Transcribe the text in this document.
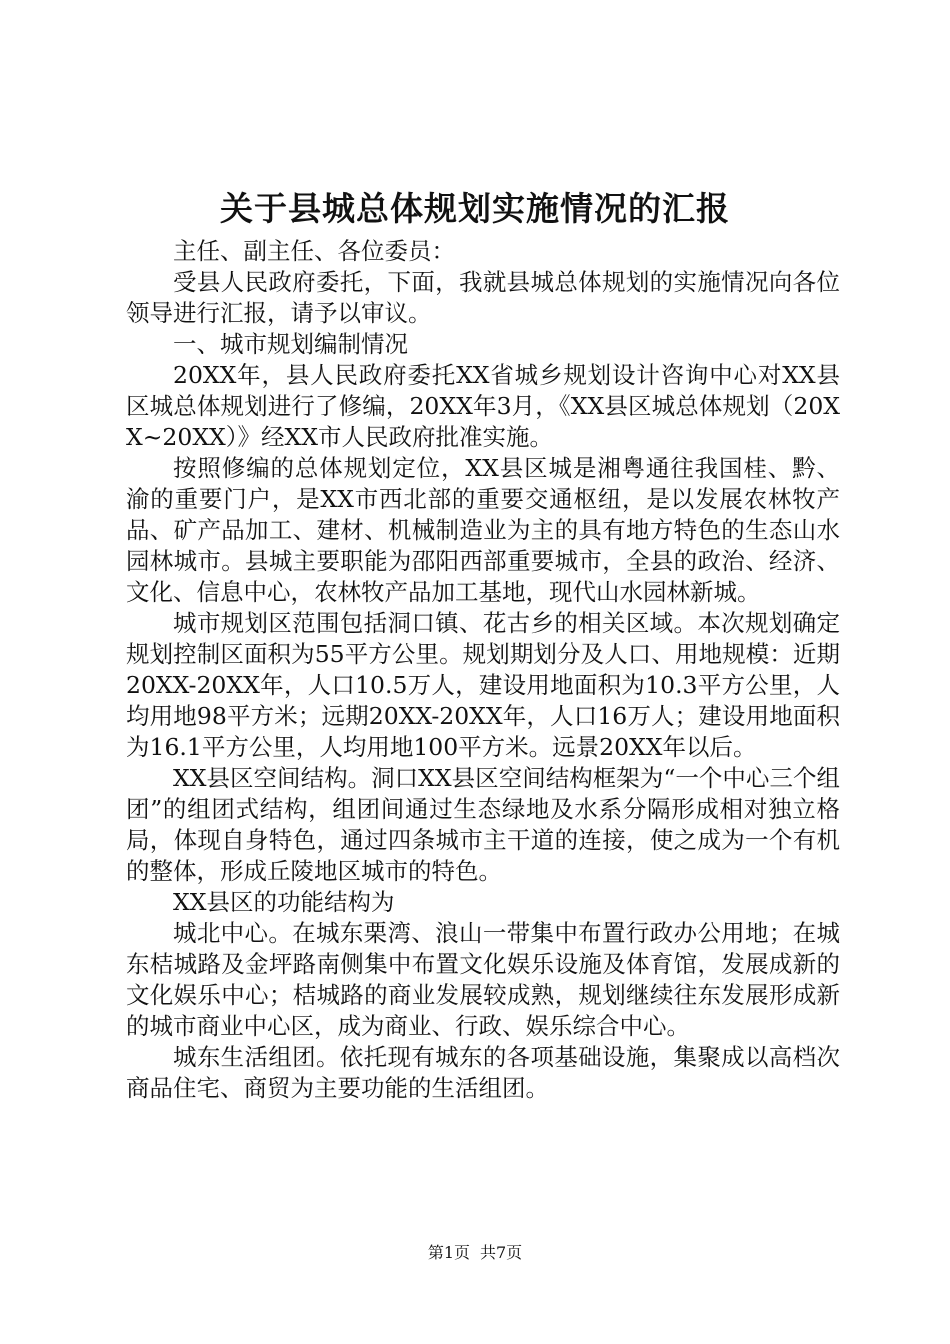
关于县城总体规划实施情况的汇报

主任、副主任、各位委员：

受县人民政府委托，下面，我就县城总体规划的实施情况向各位领导进行汇报，请予以审议。

一、城市规划编制情况

20XX年，县人民政府委托XX省城乡规划设计咨询中心对XX县区城总体规划进行了修编，20XX年3月，《XX县区城总体规划（20XX~20XX）》经XX市人民政府批准实施。

按照修编的总体规划定位，XX县区城是湘粤通往我国桂、黔、渝的重要门户，是XX市西北部的重要交通枢纽，是以发展农林牧产品、矿产品加工、建材、机械制造业为主的具有地方特色的生态山水园林城市。县城主要职能为邵阳西部重要城市，全县的政治、经济、文化、信息中心，农林牧产品加工基地，现代山水园林新城。

城市规划区范围包括洞口镇、花古乡的相关区域。本次规划确定规划控制区面积为55平方公里。规划期划分及人口、用地规模：近期20XX-20XX年，人口10.5万人，建设用地面积为10.3平方公里，人均用地98平方米；远期20XX-20XX年，人口16万人；建设用地面积为16.1平方公里，人均用地100平方米。远景20XX年以后。

XX县区空间结构。洞口XX县区空间结构框架为“一个中心三个组团”的组团式结构，组团间通过生态绿地及水系分隔形成相对独立格局，体现自身特色，通过四条城市主干道的连接，使之成为一个有机的整体，形成丘陵地区城市的特色。

XX县区的功能结构为

城北中心。在城东栗湾、浪山一带集中布置行政办公用地；在城东桔城路及金坪路南侧集中布置文化娱乐设施及体育馆，发展成新的文化娱乐中心；桔城路的商业发展较成熟，规划继续往东发展形成新的城市商业中心区，成为商业、行政、娱乐综合中心。

城东生活组团。依托现有城东的各项基础设施，集聚成以高档次商品住宅、商贸为主要功能的生活组团。

第1页 共7页
